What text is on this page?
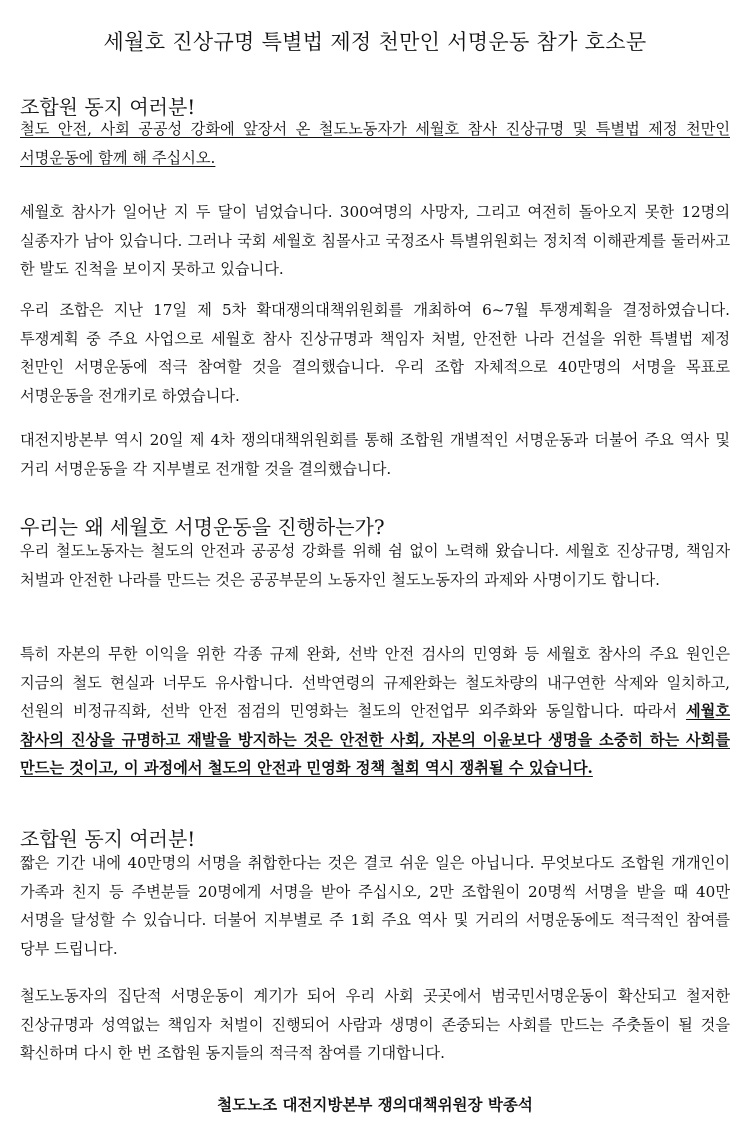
세월호 진상규명 특별법 제정 천만인 서명운동 참가 호소문
조합원 동지 여러분!

철도 안전, 사회 공공성 강화에 앞장서 온 철도노동자가 세월호 참사 진상규명 및 특별법 제정 천만인 서명운동에 함께 해 주십시오.

세월호 참사가 일어난 지 두 달이 넘었습니다. 300여명의 사망자, 그리고 여전히 돌아오지 못한 12명의 실종자가 남아 있습니다. 그러나 국회 세월호 침몰사고 국정조사 특별위원회는 정치적 이해관계를 둘러싸고 한 발도 진척을 보이지 못하고 있습니다.

우리 조합은 지난 17일 제 5차 확대쟁의대책위원회를 개최하여 6~7월 투쟁계획을 결정하였습니다. 투쟁계획 중 주요 사업으로 세월호 참사 진상규명과 책임자 처벌, 안전한 나라 건설을 위한 특별법 제정 천만인 서명운동에 적극 참여할 것을 결의했습니다. 우리 조합 자체적으로 40만명의 서명을 목표로 서명운동을 전개키로 하였습니다.

대전지방본부 역시 20일 제 4차 쟁의대책위원회를 통해 조합원 개별적인 서명운동과 더불어 주요 역사 및 거리 서명운동을 각 지부별로 전개할 것을 결의했습니다.

우리는 왜 세월호 서명운동을 진행하는가?

우리 철도노동자는 철도의 안전과 공공성 강화를 위해 쉼 없이 노력해 왔습니다. 세월호 진상규명, 책임자 처벌과 안전한 나라를 만드는 것은 공공부문의 노동자인 철도노동자의 과제와 사명이기도 합니다.

특히 자본의 무한 이익을 위한 각종 규제 완화, 선박 안전 검사의 민영화 등 세월호 참사의 주요 원인은 지금의 철도 현실과 너무도 유사합니다. 선박연령의 규제완화는 철도차량의 내구연한 삭제와 일치하고, 선원의 비정규직화, 선박 안전 점검의 민영화는 철도의 안전업무 외주화와 동일합니다. 따라서 세월호 참사의 진상을 규명하고 재발을 방지하는 것은 안전한 사회, 자본의 이윤보다 생명을 소중히 하는 사회를 만드는 것이고, 이 과정에서 철도의 안전과 민영화 정책 철회 역시 쟁취될 수 있습니다.

조합원 동지 여러분!

짧은 기간 내에 40만명의 서명을 취합한다는 것은 결코 쉬운 일은 아닙니다. 무엇보다도 조합원 개개인이 가족과 친지 등 주변분들 20명에게 서명을 받아 주십시오, 2만 조합원이 20명씩 서명을 받을 때 40만 서명을 달성할 수 있습니다. 더불어 지부별로 주 1회 주요 역사 및 거리의 서명운동에도 적극적인 참여를 당부 드립니다.

철도노동자의 집단적 서명운동이 계기가 되어 우리 사회 곳곳에서 범국민서명운동이 확산되고 철저한 진상규명과 성역없는 책임자 처벌이 진행되어 사람과 생명이 존중되는 사회를 만드는 주춧돌이 될 것을 확신하며 다시 한 번 조합원 동지들의 적극적 참여를 기대합니다.

철도노조 대전지방본부 쟁의대책위원장 박종석
